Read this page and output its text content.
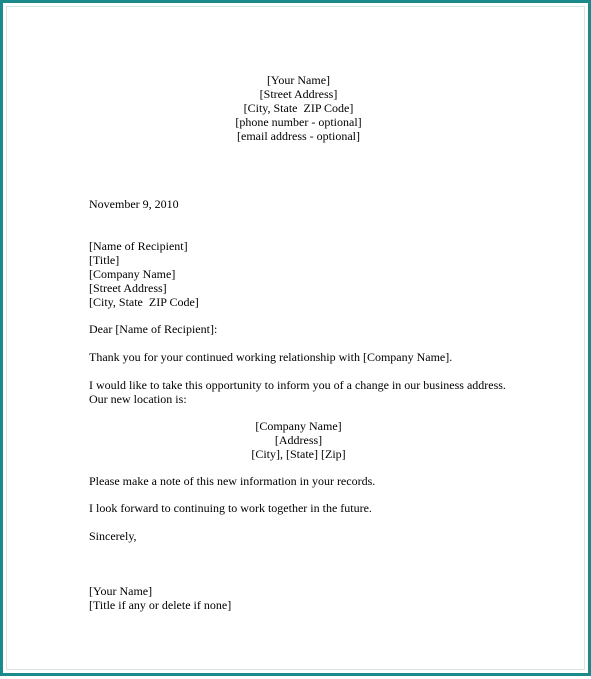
[Your Name]
[Street Address]
[City, State  ZIP Code]
[phone number - optional]
[email address - optional]
November 9, 2010
[Name of Recipient]
[Title]
[Company Name]
[Street Address]
[City, State  ZIP Code]
Dear [Name of Recipient]:
Thank you for your continued working relationship with [Company Name].
I would like to take this opportunity to inform you of a change in our business address.
Our new location is:
[Company Name]
[Address]
[City], [State] [Zip]
Please make a note of this new information in your records.
I look forward to continuing to work together in the future.
Sincerely,
[Your Name]
[Title if any or delete if none]
